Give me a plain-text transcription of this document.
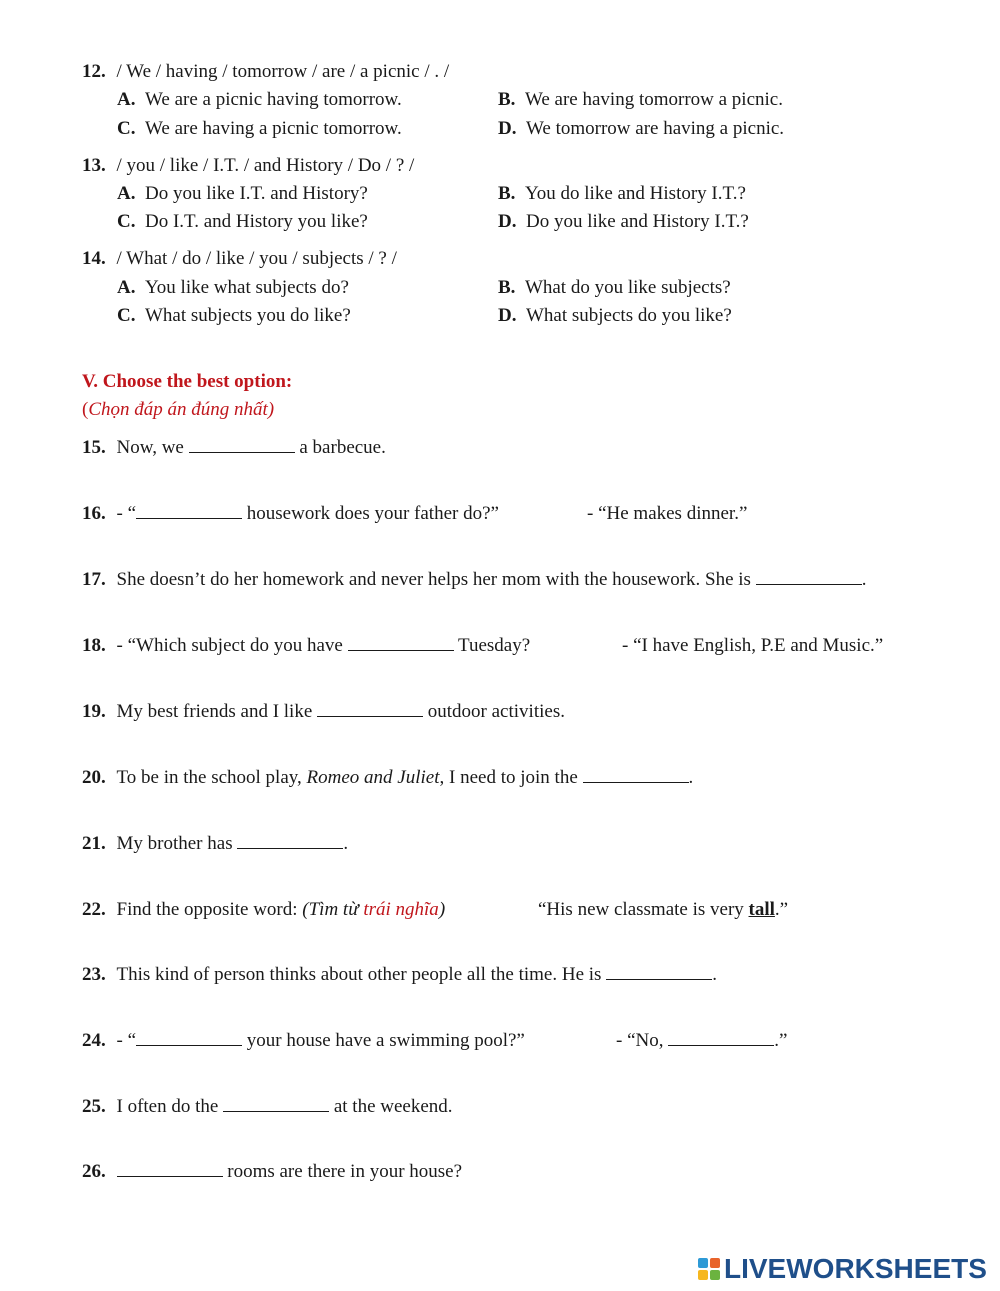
12. / We / having / tomorrow / are / a picnic / . /
A. We are a picnic having tomorrow.	B. We are having tomorrow a picnic.
C. We are having a picnic tomorrow.	D. We tomorrow are having a picnic.
13. / you / like / I.T. / and History / Do / ? /
A. Do you like I.T. and History?	B. You do like and History I.T.?
C. Do I.T. and History you like?	D. Do you like and History I.T.?
14. / What / do / like / you / subjects / ? /
A. You like what subjects do?	B. What do you like subjects?
C. What subjects you do like?	D. What subjects do you like?
V. Choose the best option:
(Chọn đáp án đúng nhất)
15. Now, we	a barbecue.
16. - “	housework does your father do?”	- “He makes dinner.”
17. She doesn’t do her homework and never helps her mom with the housework. She is	.
18. - “Which subject do you have	Tuesday?	- “I have English, P.E and Music.”
19. My best friends and I like	outdoor activities.
20. To be in the school play, Romeo and Juliet, I need to join the	.
21. My brother has	.
22. Find the opposite word: (Tìm từ trái nghĩa)	“His new classmate is very tall.”
23. This kind of person thinks about other people all the time. He is	.
24. - “	your house have a swimming pool?”	- “No,	.”
25. I often do the	at the weekend.
26.	rooms are there in your house?
LIVEWORKSHEETS
